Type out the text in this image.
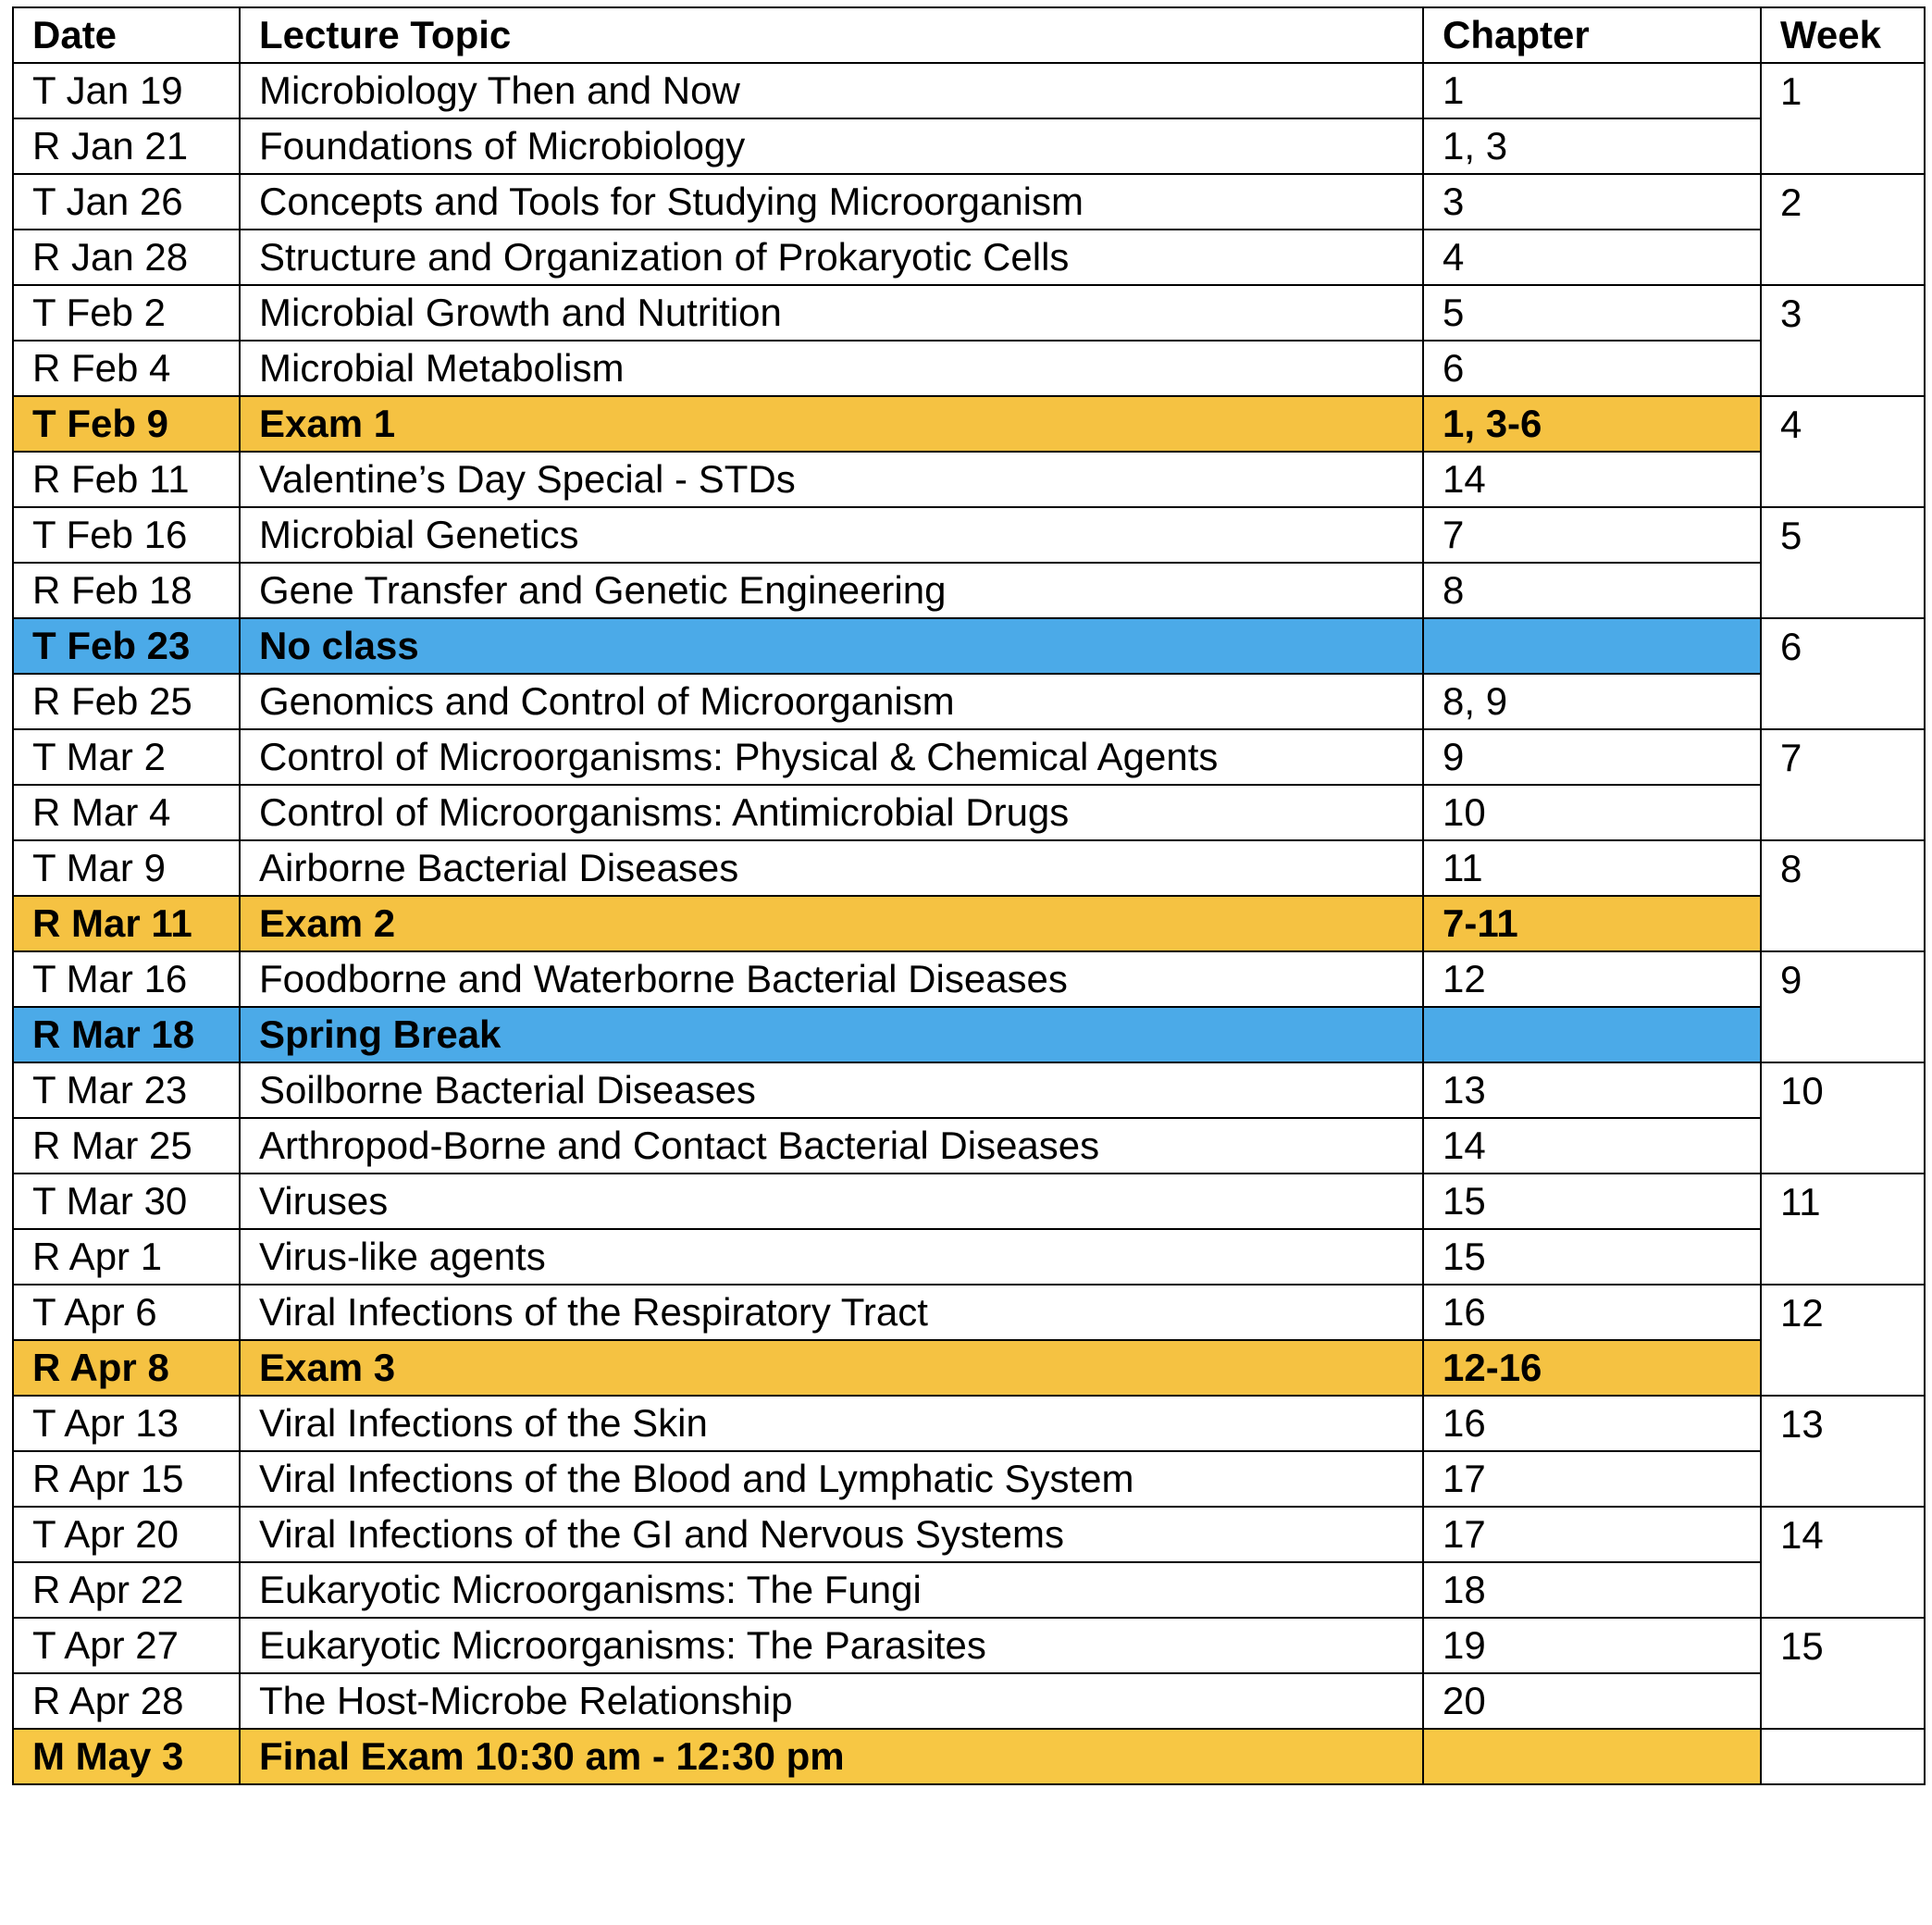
Date	Lecture Topic	Chapter	Week
T Jan 19	Microbiology Then and Now	1	1
R Jan 21	Foundations of Microbiology	1, 3	
T Jan 26	Concepts and Tools for Studying Microorganism	3	2
R Jan 28	Structure and Organization of Prokaryotic Cells	4	
T Feb 2	Microbial Growth and Nutrition	5	3
R Feb 4	Microbial Metabolism	6	
T Feb 9	Exam 1	1, 3-6	4
R Feb 11	Valentine’s Day Special - STDs	14	
T Feb 16	Microbial Genetics	7	5
R Feb 18	Gene Transfer and Genetic Engineering	8	
T Feb 23	No class		6
R Feb 25	Genomics and Control of Microorganism	8, 9	
T Mar 2	Control of Microorganisms: Physical & Chemical Agents	9	7
R Mar 4	Control of Microorganisms: Antimicrobial Drugs	10	
T Mar 9	Airborne Bacterial Diseases	11	8
R Mar 11	Exam 2	7-11	
T Mar 16	Foodborne and Waterborne Bacterial Diseases	12	9
R Mar 18	Spring Break		
T Mar 23	Soilborne Bacterial Diseases	13	10
R Mar 25	Arthropod-Borne and Contact Bacterial Diseases	14	
T Mar 30	Viruses	15	11
R Apr 1	Virus-like agents	15	
T Apr 6	Viral Infections of the Respiratory Tract	16	12
R Apr 8	Exam 3	12-16	
T Apr 13	Viral Infections of the Skin	16	13
R Apr 15	Viral Infections of the Blood and Lymphatic System	17	
T Apr 20	Viral Infections of the GI and Nervous Systems	17	14
R Apr 22	Eukaryotic Microorganisms: The Fungi	18	
T Apr 27	Eukaryotic Microorganisms: The Parasites	19	15
R Apr 28	The Host-Microbe Relationship	20	
M May 3	Final Exam 10:30 am - 12:30 pm		
